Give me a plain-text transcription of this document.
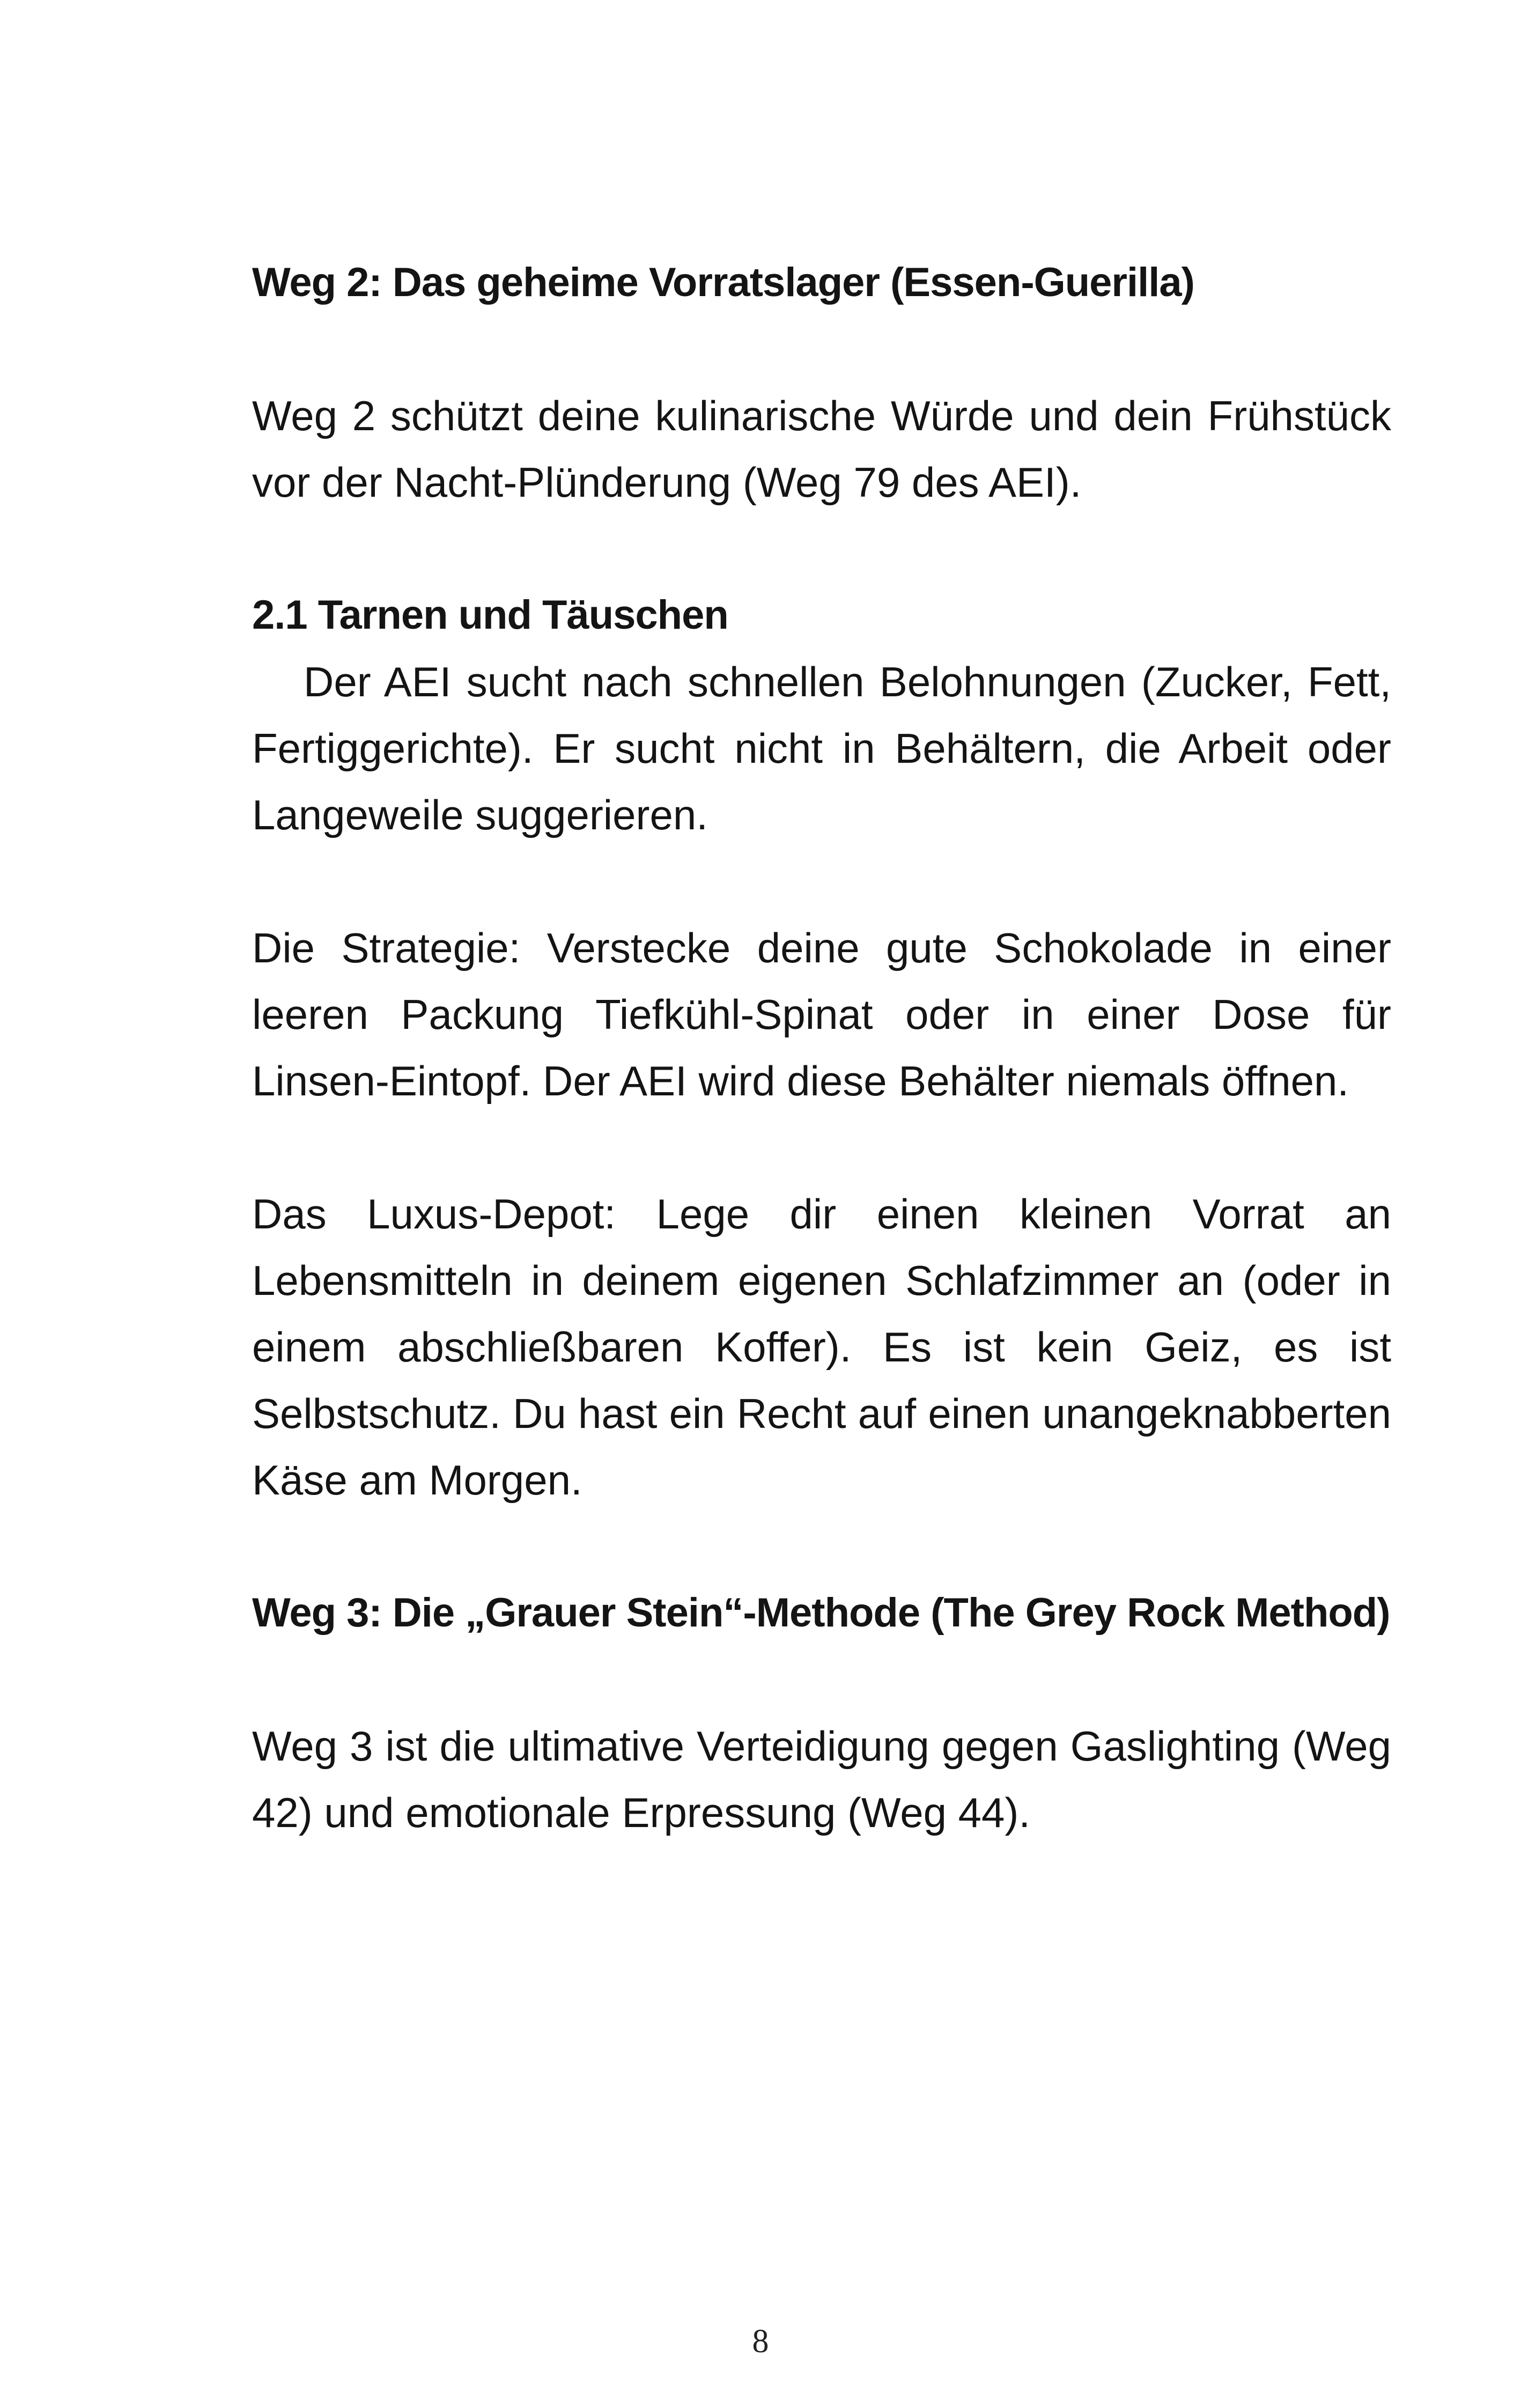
Weg 2: Das geheime Vorratslager (Essen-Guerilla)

Weg 2 schützt deine kulinarische Würde und dein Frühstück vor der Nacht-Plünderung (Weg 79 des AEI).

2.1 Tarnen und Täuschen

Der AEI sucht nach schnellen Belohnungen (Zucker, Fett, Fertiggerichte). Er sucht nicht in Behältern, die Arbeit oder Langeweile suggerieren.

Die Strategie: Verstecke deine gute Schokolade in einer leeren Packung Tiefkühl-Spinat oder in einer Dose für Linsen-Eintopf. Der AEI wird diese Behälter niemals öffnen.

Das Luxus-Depot: Lege dir einen kleinen Vorrat an Lebensmitteln in deinem eigenen Schlafzimmer an (oder in einem abschließbaren Koffer). Es ist kein Geiz, es ist Selbstschutz. Du hast ein Recht auf einen unangeknabberten Käse am Morgen.

Weg 3: Die „Grauer Stein“-Methode (The Grey Rock Method)

Weg 3 ist die ultimative Verteidigung gegen Gaslighting (Weg 42) und emotionale Erpressung (Weg 44).

8
